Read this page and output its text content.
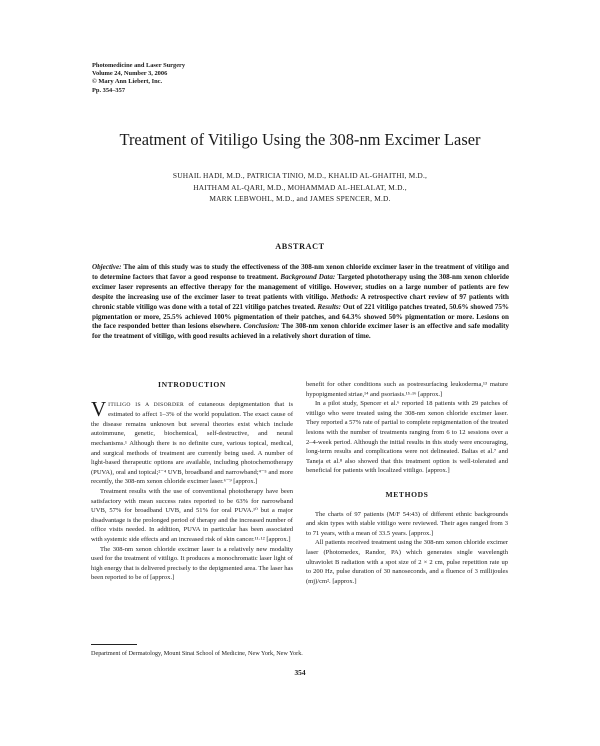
Photomedicine and Laser Surgery
Volume 24, Number 3, 2006
© Mary Ann Liebert, Inc.
Pp. 354–357
Treatment of Vitiligo Using the 308-nm Excimer Laser
SUHAIL HADI, M.D., PATRICIA TINIO, M.D., KHALID AL-GHAITHI, M.D.,
HAITHAM AL-QARI, M.D., MOHAMMAD AL-HELALAT, M.D.,
MARK LEBWOHL, M.D., and JAMES SPENCER, M.D.
ABSTRACT
Objective: The aim of this study was to study the effectiveness of the 308-nm xenon chloride excimer laser in the treatment of vitiligo and to determine factors that favor a good response to treatment. Background Data: Targeted phototherapy using the 308-nm xenon chloride excimer laser represents an effective therapy for the management of vitiligo. However, studies on a large number of patients are few despite the increasing use of the excimer laser to treat patients with vitiligo. Methods: A retrospective chart review of 97 patients with chronic stable vitiligo was done with a total of 221 vitiligo patches treated. Results: Out of 221 vitiligo patches treated, 50.6% showed 75% pigmentation or more, 25.5% achieved 100% pigmentation of their patches, and 64.3% showed 50% pigmentation or more. Lesions on the face responded better than lesions elsewhere. Conclusion: The 308-nm xenon chloride excimer laser is an effective and safe modality for the treatment of vitiligo, with good results achieved in a relatively short duration of time.
INTRODUCTION

VITILIGO IS A DISORDER of cutaneous depigmentation that is estimated to affect 1–3% of the world population. The exact cause of the disease remains unknown but several theories exist which include autoimmune, genetic, biochemical, self-destructive, and neural mechanisms.¹ Although there is no definite cure, various topical, medical, and surgical methods of treatment are currently being used. A number of light-based therapeutic options are available, including photochemotherapy (PUVA), oral and topical;²⁻⁴ UVB, broadband and narrowband;⁴⁻⁵ and more recently, the 308-nm xenon chloride excimer laser.⁶⁻⁹ [approx.]

Treatment results with the use of conventional phototherapy have been satisfactory with mean success rates reported to be 63% for narrowband UVB, 57% for broadband UVB, and 51% for oral PUVA.¹⁰ but a major disadvantage is the prolonged period of therapy and the increased number of office visits needed. In addition, PUVA in particular has been associated with systemic side effects and an increased risk of skin cancer.¹¹·¹² [approx.]

The 308-nm xenon chloride excimer laser is a relatively new modality used for the treatment of vitiligo. It produces a monochromatic laser light of high energy that is delivered precisely to the depigmented area. The laser has been reported to be of [approx.]

benefit for other conditions such as postresurfacing leukoderma,¹³ mature hypopigmented striae,¹⁴ and psoriasis.¹⁵·¹⁶ [approx.]

In a pilot study, Spencer et al.⁶ reported 18 patients with 29 patches of vitiligo who were treated using the 308-nm xenon chloride excimer laser. They reported a 57% rate of partial to complete repigmentation of the treated lesions with the number of treatments ranging from 6 to 12 sessions over a 2–4-week period. Although the initial results in this study were encouraging, long-term results and complications were not delineated. Baltas et al.⁷ and Taneja et al.⁸ also showed that this treatment option is well-tolerated and beneficial for patients with localized vitiligo. [approx.]

METHODS

The charts of 97 patients (M/F 54:43) of different ethnic backgrounds and skin types with stable vitiligo were reviewed. Their ages ranged from 3 to 71 years, with a mean of 33.5 years. [approx.]

All patients received treatment using the 308-nm xenon chloride excimer laser (Photomedex, Randor, PA) which generates single wavelength ultraviolet B radiation with a spot size of 2 × 2 cm, pulse repetition rate up to 200 Hz, pulse duration of 30 nanoseconds, and a fluence of 3 millijoules (mj)/cm². [approx.]

Department of Dermatology, Mount Sinai School of Medicine, New York, New York.
354
